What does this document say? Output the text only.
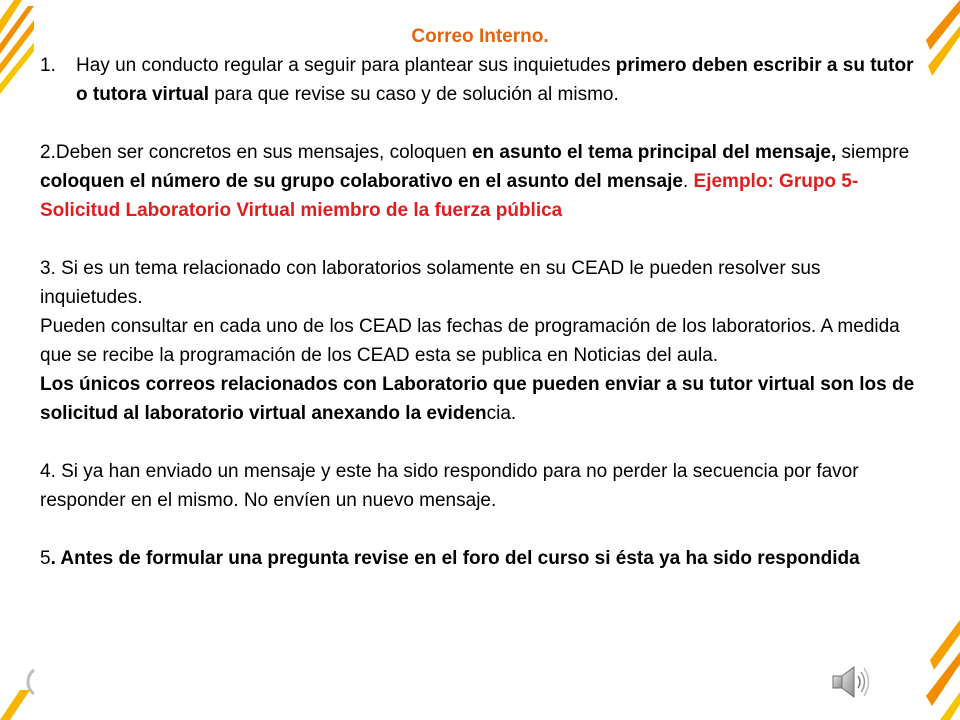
Correo Interno.

1.	Hay un conducto regular a seguir para plantear sus inquietudes primero deben escribir a su tutor o tutora virtual para que revise su caso y de solución al mismo.

2.Deben ser concretos en sus mensajes, coloquen en asunto el tema principal del mensaje, siempre coloquen el número de su grupo colaborativo en el asunto del mensaje. Ejemplo: Grupo 5- Solicitud Laboratorio Virtual miembro de la fuerza pública

3. Si es un tema relacionado con laboratorios solamente en su CEAD le pueden resolver sus inquietudes.

Pueden consultar en cada uno de los CEAD las fechas de programación de los laboratorios. A medida que se recibe la programación de los CEAD esta se publica en Noticias del aula.

Los únicos correos relacionados con Laboratorio que pueden enviar a su tutor virtual son los de solicitud al laboratorio virtual anexando la evidencia.

4. Si ya han enviado un mensaje y este ha sido respondido para no perder la secuencia por favor responder en el mismo. No envíen un nuevo mensaje.

5. Antes de formular una pregunta revise en el foro del curso si ésta ya ha sido respondida
